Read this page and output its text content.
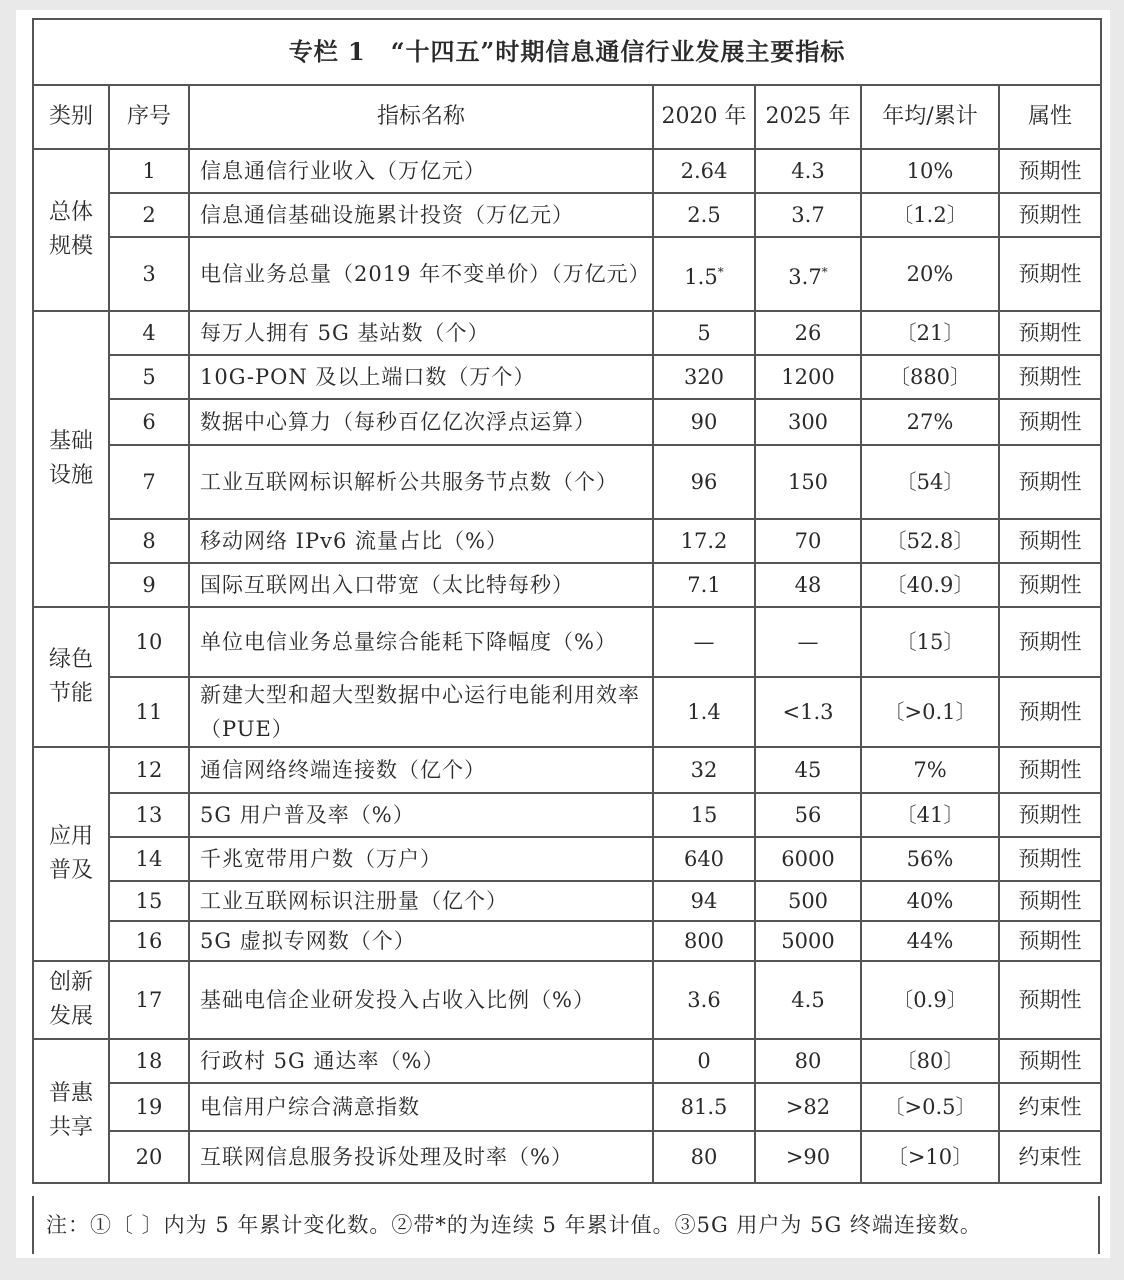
专栏 1　“十四五”时期信息通信行业发展主要指标						
类别	序号	指标名称	2020 年	2025 年	年均/累计	属性

总体
规模	1	信息通信行业收入（万亿元）	2.64	4.3	10%	预期性
	2	信息通信基础设施累计投资（万亿元）	2.5	3.7	〔1.2〕	预期性
	3	电信业务总量（2019 年不变单价）（万亿元）	1.5*	3.7*	20%	预期性

基础
设施	4	每万人拥有 5G 基站数（个）	5	26	〔21〕	预期性
	5	10G-PON 及以上端口数（万个）	320	1200	〔880〕	预期性
	6	数据中心算力（每秒百亿亿次浮点运算）	90	300	27%	预期性
	7	工业互联网标识解析公共服务节点数（个）	96	150	〔54〕	预期性
	8	移动网络 IPv6 流量占比（%）	17.2	70	〔52.8〕	预期性
	9	国际互联网出入口带宽（太比特每秒）	7.1	48	〔40.9〕	预期性

绿色
节能	10	单位电信业务总量综合能耗下降幅度（%）	—	—	〔15〕	预期性
	11	新建大型和超大型数据中心运行电能利用效率（PUE）	1.4	<1.3	〔>0.1〕	预期性

应用
普及	12	通信网络终端连接数（亿个）	32	45	7%	预期性
	13	5G 用户普及率（%）	15	56	〔41〕	预期性
	14	千兆宽带用户数（万户）	640	6000	56%	预期性
	15	工业互联网标识注册量（亿个）	94	500	40%	预期性
	16	5G 虚拟专网数（个）	800	5000	44%	预期性

创新
发展	17	基础电信企业研发投入占收入比例（%）	3.6	4.5	〔0.9〕	预期性

普惠
共享	18	行政村 5G 通达率（%）	0	80	〔80〕	预期性
	19	电信用户综合满意指数	81.5	>82	〔>0.5〕	约束性
	20	互联网信息服务投诉处理及时率（%）	80	>90	〔>10〕	约束性
注：①〔 〕内为 5 年累计变化数。②带*的为连续 5 年累计值。③5G 用户为 5G 终端连接数。
